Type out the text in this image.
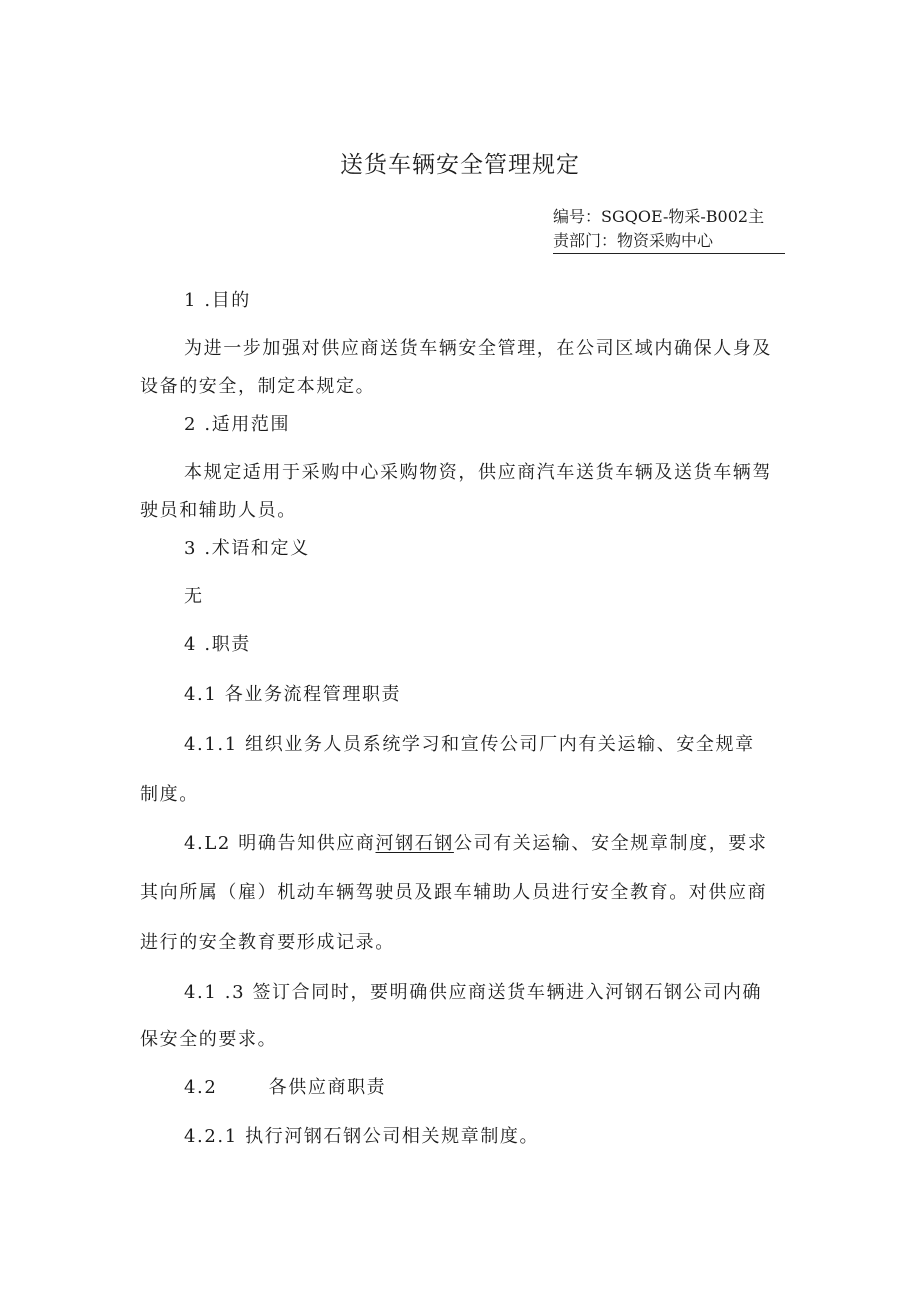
送货车辆安全管理规定
编号：SGQOE-物采-B002主
责部门：物资采购中心
1 .目的
为进一步加强对供应商送货车辆安全管理，在公司区域内确保人身及
设备的安全，制定本规定。
2 .适用范围
本规定适用于采购中心采购物资，供应商汽车送货车辆及送货车辆驾
驶员和辅助人员。
3 .术语和定义
无
4 .职责
4.1 各业务流程管理职责
4.1.1 组织业务人员系统学习和宣传公司厂内有关运输、安全规章
制度。
4.L2 明确告知供应商河钢石钢公司有关运输、安全规章制度，要求
其向所属（雇）机动车辆驾驶员及跟车辅助人员进行安全教育。对供应商
进行的安全教育要形成记录。
4.1 .3 签订合同时，要明确供应商送货车辆进入河钢石钢公司内确
保安全的要求。
4.2       各供应商职责
4.2.1 执行河钢石钢公司相关规章制度。
